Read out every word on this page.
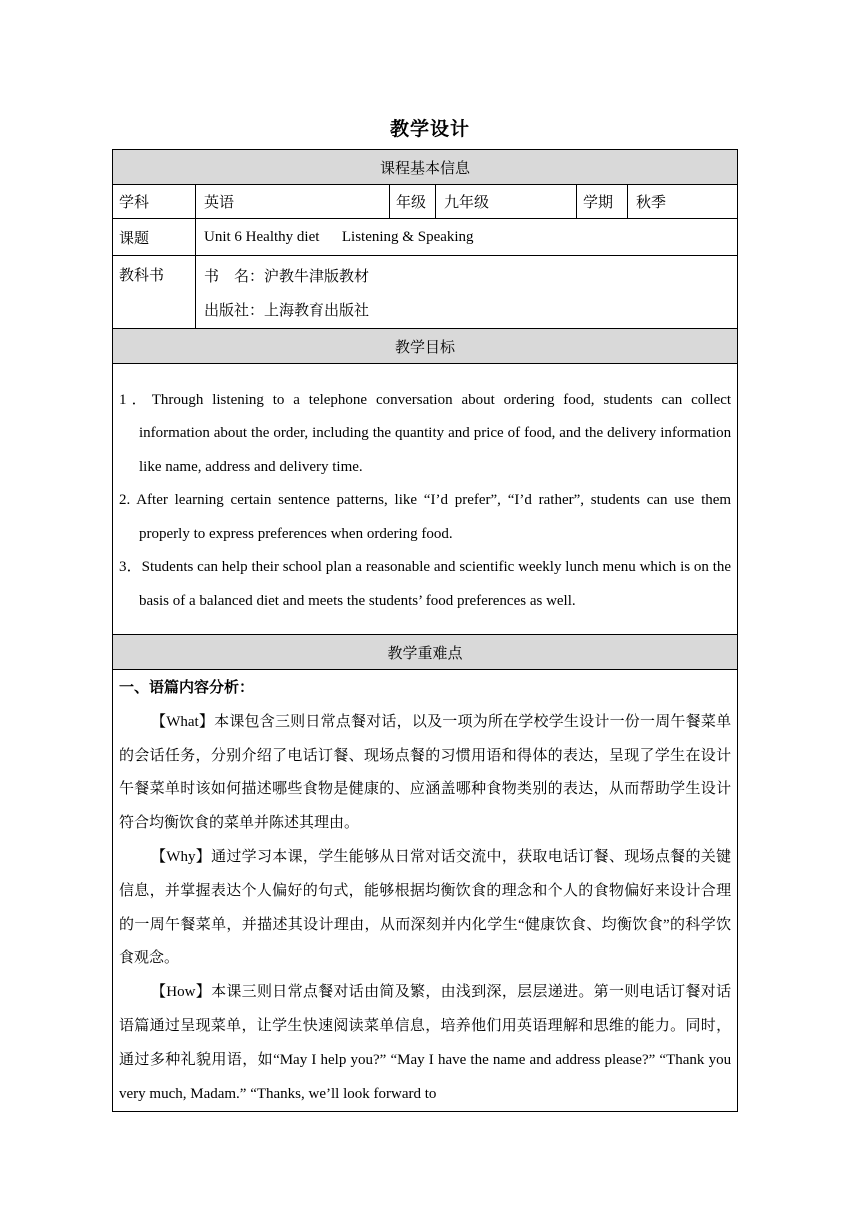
教学设计
课程基本信息					
学科	英语	年级	九年级	学期	秋季
课题	Unit 6 Healthy diet      Listening & Speaking				
教科书	书　名：沪教牛津版教材
出版社：上海教育出版社				

教学目标					

1．Through listening to a telephone conversation about ordering food, students can collect information about the order, including the quantity and price of food, and the delivery information like name, address and delivery time.

2. After learning certain sentence patterns, like “I’d prefer”, “I’d rather”, students can use them properly to express preferences when ordering food.

3．Students can help their school plan a reasonable and scientific weekly lunch menu which is on the basis of a balanced diet and meets the students’ food preferences as well.					

教学重难点					

一、语篇内容分析：

【What】本课包含三则日常点餐对话，以及一项为所在学校学生设计一份一周午餐菜单的会话任务，分别介绍了电话订餐、现场点餐的习惯用语和得体的表达，呈现了学生在设计午餐菜单时该如何描述哪些食物是健康的、应涵盖哪种食物类别的表达，从而帮助学生设计符合均衡饮食的菜单并陈述其理由。

【Why】通过学习本课，学生能够从日常对话交流中，获取电话订餐、现场点餐的关键信息，并掌握表达个人偏好的句式，能够根据均衡饮食的理念和个人的食物偏好来设计合理的一周午餐菜单，并描述其设计理由，从而深刻并内化学生“健康饮食、均衡饮食”的科学饮食观念。

【How】本课三则日常点餐对话由简及繁，由浅到深，层层递进。第一则电话订餐对话语篇通过呈现菜单，让学生快速阅读菜单信息，培养他们用英语理解和思维的能力。同时，通过多种礼貌用语，如“May I help you?” “May I have the name and address please?” “Thank you very much, Madam.” “Thanks, we’ll look forward to					
